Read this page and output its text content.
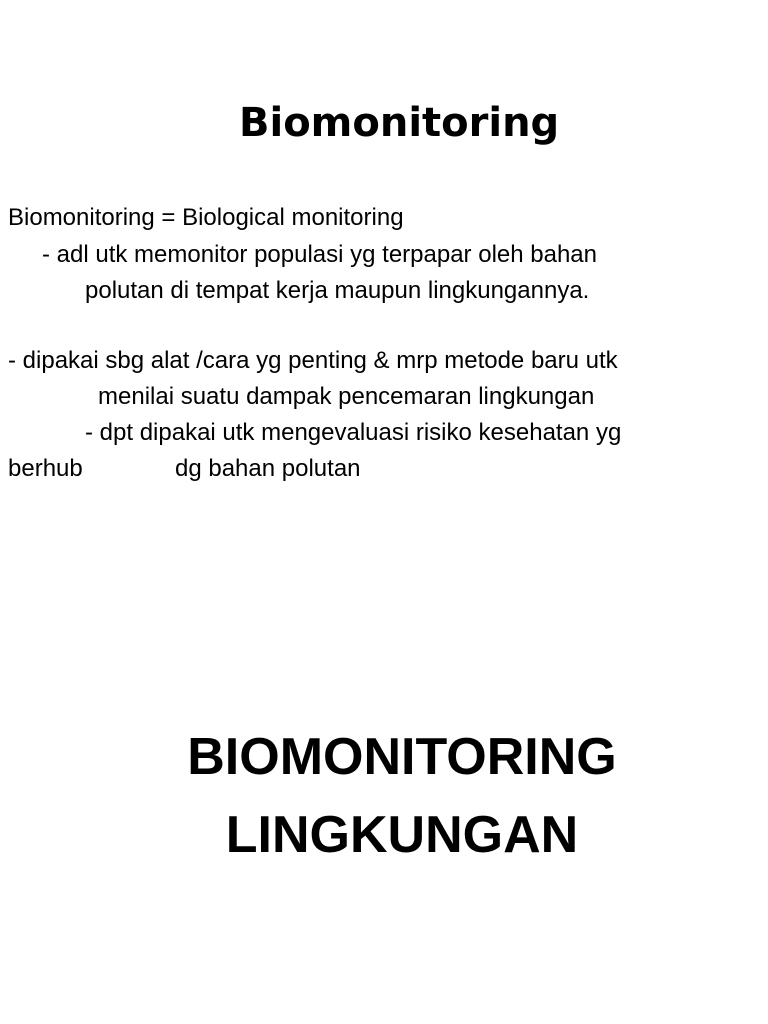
Biomonitoring

Biomonitoring = Biological monitoring

- adl utk memonitor populasi yg terpapar oleh bahan

polutan di tempat kerja maupun lingkungannya.

- dipakai sbg alat /cara yg penting & mrp metode baru utk

menilai suatu dampak pencemaran lingkungan

- dpt dipakai utk mengevaluasi risiko kesehatan yg

berhub	dg bahan polutan

BIOMONITORING
LINGKUNGAN
